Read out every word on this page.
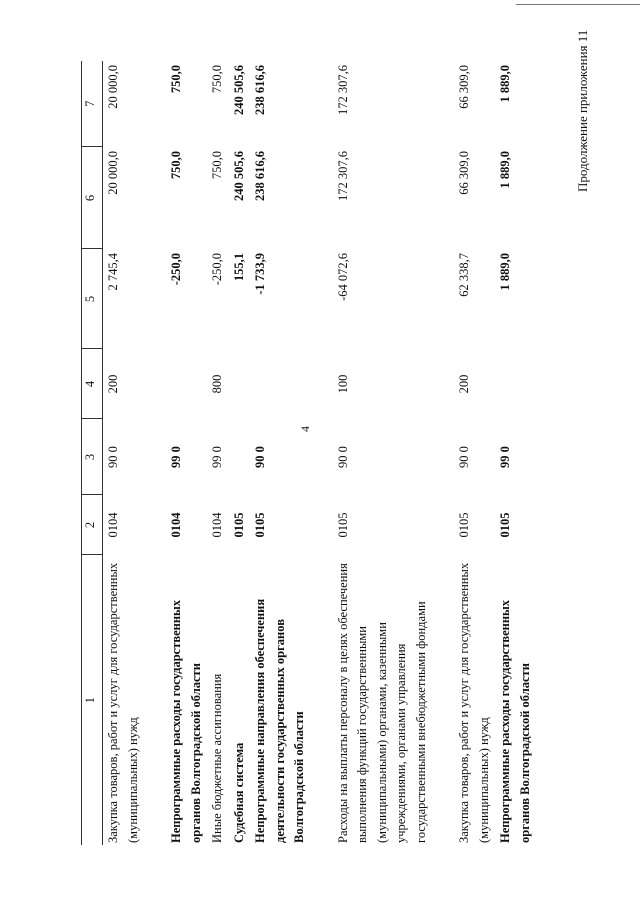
Продолжение приложения 11
4
1	2	3	4	5	6	7
Закупка товаров, работ и услуг для государственных (муниципальных) нужд	0104	90 0	200	2 745,4	20 000,0	20 000,0

Непрограммные расходы государственных органов Волгоградской области	0104	99 0		-250,0	750,0	750,0
Иные бюджетные ассигнования	0104	99 0	800	-250,0	750,0	750,0
Судебная система	0105			155,1	240 505,6	240 505,6
Непрограммные направления обеспечения деятельности государственных органов Волгоградской области	0105	90 0		-1 733,9	238 616,6	238 616,6

Расходы на выплаты персоналу в целях обеспечения выполнения функций государственными (муниципальными) органами, казенными учреждениями, органами управления государственными внебюджетными фондами	0105	90 0	100	-64 072,6	172 307,6	172 307,6

Закупка товаров, работ и услуг для государственных (муниципальных) нужд	0105	90 0	200	62 338,7	66 309,0	66 309,0
Непрограммные расходы государственных органов Волгоградской области	0105	99 0		1 889,0	1 889,0	1 889,0
